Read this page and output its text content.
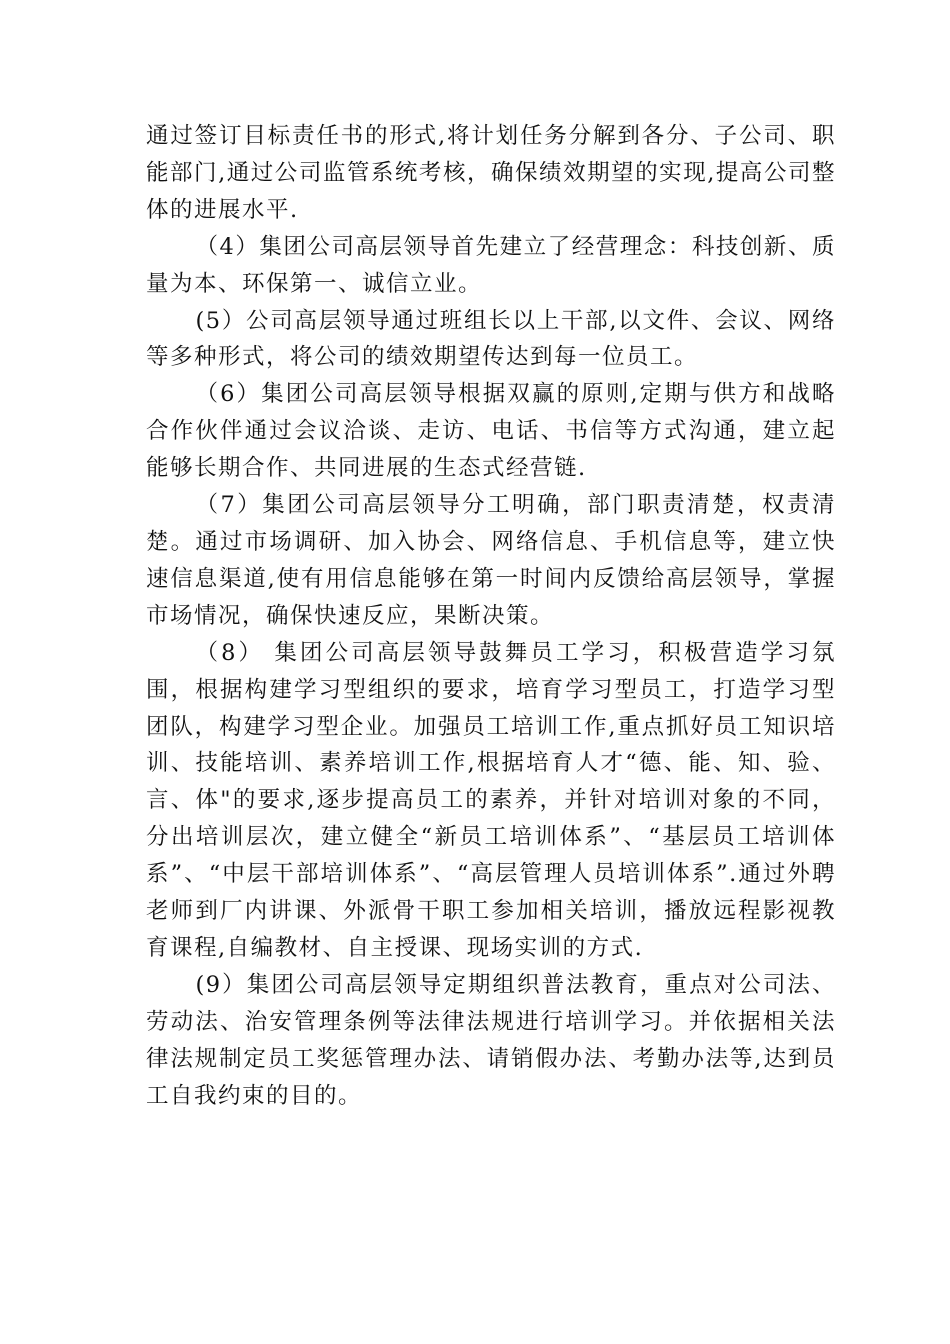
通过签订目标责任书的形式,将计划任务分解到各分、子公司、职能部门,通过公司监管系统考核，确保绩效期望的实现,提高公司整体的进展水平.

（4）集团公司高层领导首先建立了经营理念：科技创新、质量为本、环保第一、诚信立业。

(5）公司高层领导通过班组长以上干部,以文件、会议、网络等多种形式，将公司的绩效期望传达到每一位员工。

（6）集团公司高层领导根据双赢的原则,定期与供方和战略合作伙伴通过会议洽谈、走访、电话、书信等方式沟通，建立起能够长期合作、共同进展的生态式经营链.

（7）集团公司高层领导分工明确，部门职责清楚，权责清楚。通过市场调研、加入协会、网络信息、手机信息等，建立快速信息渠道,使有用信息能够在第一时间内反馈给高层领导，掌握市场情况，确保快速反应，果断决策。

（8） 集团公司高层领导鼓舞员工学习，积极营造学习氛围，根据构建学习型组织的要求，培育学习型员工，打造学习型团队，构建学习型企业。加强员工培训工作,重点抓好员工知识培训、技能培训、素养培训工作,根据培育人才“德、能、知、验、言、体"的要求,逐步提高员工的素养，并针对培训对象的不同，分出培训层次，建立健全“新员工培训体系”、“基层员工培训体系”、“中层干部培训体系”、“高层管理人员培训体系”.通过外聘老师到厂内讲课、外派骨干职工参加相关培训，播放远程影视教育课程,自编教材、自主授课、现场实训的方式.

(9）集团公司高层领导定期组织普法教育，重点对公司法、劳动法、治安管理条例等法律法规进行培训学习。并依据相关法律法规制定员工奖惩管理办法、请销假办法、考勤办法等,达到员工自我约束的目的。
